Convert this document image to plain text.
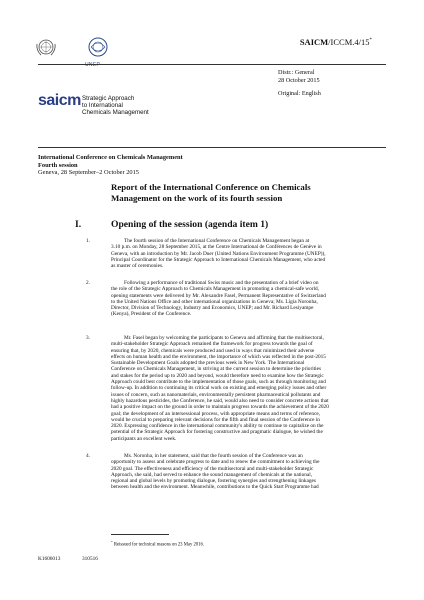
UNEP
SAICM/ICCM.4/15*
Distr.: General
28 October 2015
Original: English
saicm Strategic Approach
to International
Chemicals Management
International Conference on Chemicals Management
Fourth session
Geneva, 28 September–2 October 2015
Report of the International Conference on Chemicals
Management on the work of its fourth session
I.	Opening of the session (agenda item 1)
1.	The fourth session of the International Conference on Chemicals Management began at
3.10 p.m. on Monday, 28 September 2015, at the Centre International de Conférences de Genève in
Geneva, with an introduction by Mr. Jacob Duer (United Nations Environment Programme (UNEP)),
Principal Coordinator for the Strategic Approach to International Chemicals Management, who acted
as master of ceremonies.
2.	Following a performance of traditional Swiss music and the presentation of a brief video on
the role of the Strategic Approach to Chemicals Management in promoting a chemical-safe world,
opening statements were delivered by Mr. Alexandre Fasel, Permanent Representative of Switzerland
to the United Nations Office and other international organizations in Geneva; Ms. Lígia Noronha,
Director, Division of Technology, Industry and Economics, UNEP; and Mr. Richard Lesiyampe
(Kenya), President of the Conference.
3.	Mr. Fasel began by welcoming the participants to Geneva and affirming that the multisectoral,
multi-stakeholder Strategic Approach remained the framework for progress towards the goal of
ensuring that, by 2020, chemicals were produced and used in ways that minimized their adverse
effects on human health and the environment, the importance of which was reflected in the post-2015
Sustainable Development Goals adopted the previous week in New York. The International
Conference on Chemicals Management, in striving at the current session to determine the priorities
and stakes for the period up to 2020 and beyond, would therefore need to examine how the Strategic
Approach could best contribute to the implementation of those goals, such as through monitoring and
follow-up. In addition to continuing its critical work on existing and emerging policy issues and other
issues of concern, such as nanomaterials, environmentally persistent pharmaceutical pollutants and
highly hazardous pesticides, the Conference, he said, would also need to consider concrete actions that
had a positive impact on the ground in order to maintain progress towards the achievement of the 2020
goal; the development of an intersessional process, with appropriate means and terms of reference,
would be crucial to preparing relevant decisions for the fifth and final session of the Conference in
2020. Expressing confidence in the international community's ability to continue to capitalize on the
potential of the Strategic Approach for fostering constructive and pragmatic dialogue, he wished the
participants an excellent week.
4.	Ms. Noronha, in her statement, said that the fourth session of the Conference was an
opportunity to assess and celebrate progress to date and to renew the commitment to achieving the
2020 goal. The effectiveness and efficiency of the multisectoral and multi-stakeholder Strategic
Approach, she said, had served to enhance the sound management of chemicals at the national,
regional and global levels by promoting dialogue, fostering synergies and strengthening linkages
between health and the environment. Meanwhile, contributions to the Quick Start Programme had
* Reissued for technical reasons on 23 May 2016.
K1606013	310516
